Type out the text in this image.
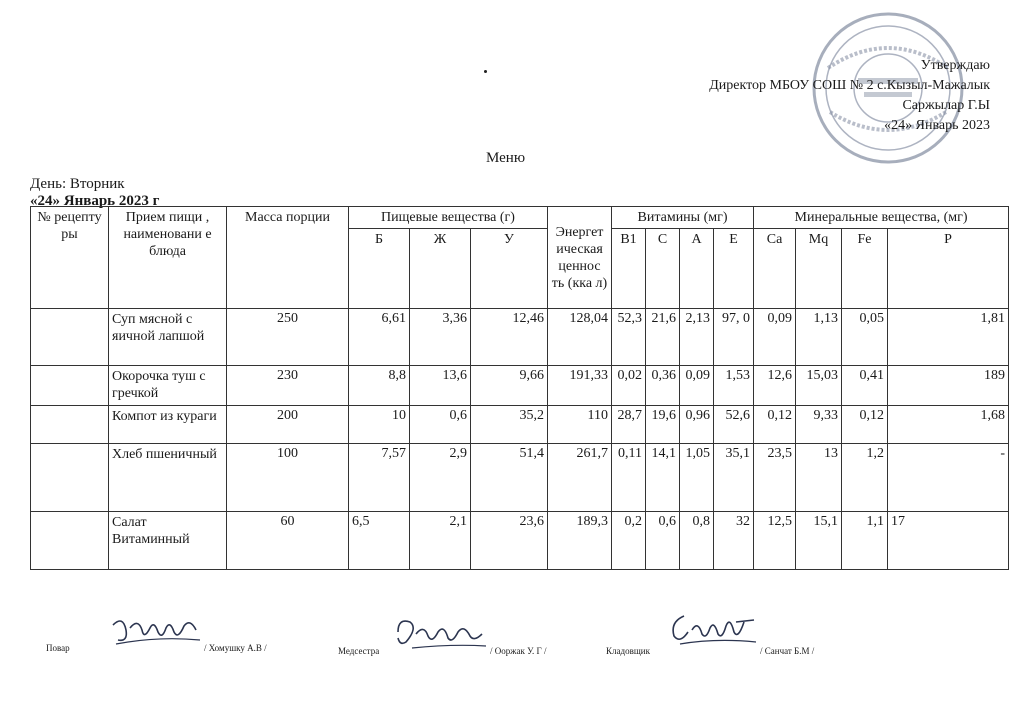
Утверждаю
Директор МБОУ СОШ № 2 с.Кызыл-Мажалык
Саржылар Г.Ы
«24» Январь 2023
Меню
День: Вторник
«24» Январь 2023 г
№ рецепту ры	Прием пищи , наименовани е блюда	Масса порции	Пищевые вещества (г)			Энергет ическая ценнос ть (кка л)	Витамины (мг)				Минеральные вещества, (мг)			
			Б	Ж	У		B1	C	A	E	Ca	Mq	Fe	P
	Суп мясной с яичной лапшой	250	6,61	3,36	12,46	128,04	52,3	21,6	2,13	97, 0	0,09	1,13	0,05	1,81
	Окорочка туш с гречкой	230	8,8	13,6	9,66	191,33	0,02	0,36	0,09	1,53	12,6	15,03	0,41	189
	Компот из кураги	200	10	0,6	35,2	110	28,7	19,6	0,96	52,6	0,12	9,33	0,12	1,68
	Хлеб пшеничный	100	7,57	2,9	51,4	261,7	0,11	14,1	1,05	35,1	23,5	13	1,2	-
	Салат Витаминный	60	6,5	2,1	23,6	189,3	0,2	0,6	0,8	32	12,5	15,1	1,1	17
Повар	/ Хомушку А.В /	Медсестра	/ Ооржак У. Г /	Кладовщик	/ Санчат Б.М /
